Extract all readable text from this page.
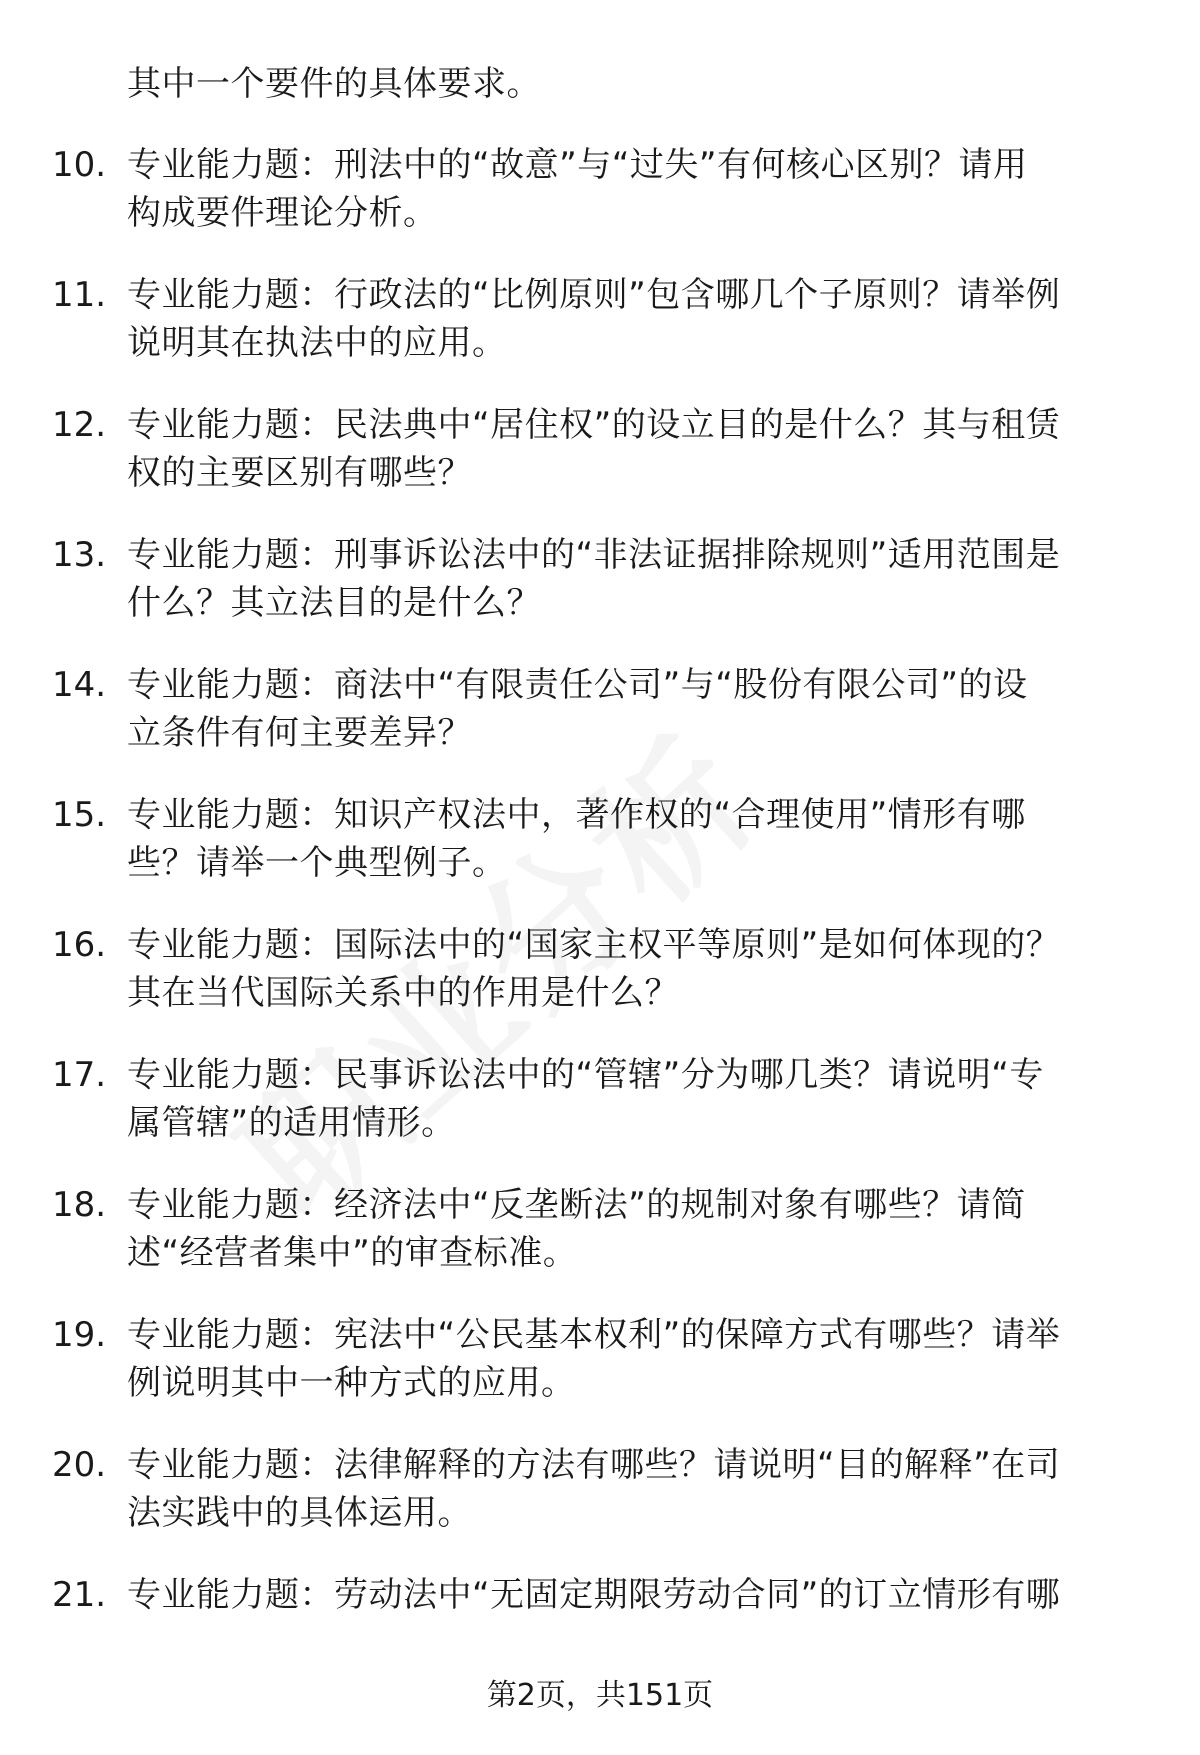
其中一个要件的具体要求。
10. 专业能力题：刑法中的“故意”与“过失”有何核心区别？请用
构成要件理论分析。
11. 专业能力题：行政法的“比例原则”包含哪几个子原则？请举例
说明其在执法中的应用。
12. 专业能力题：民法典中“居住权”的设立目的是什么？其与租赁
权的主要区别有哪些？
13. 专业能力题：刑事诉讼法中的“非法证据排除规则”适用范围是
什么？其立法目的是什么？
14. 专业能力题：商法中“有限责任公司”与“股份有限公司”的设
立条件有何主要差异？
15. 专业能力题：知识产权法中，著作权的“合理使用”情形有哪
些？请举一个典型例子。
16. 专业能力题：国际法中的“国家主权平等原则”是如何体现的？
其在当代国际关系中的作用是什么？
17. 专业能力题：民事诉讼法中的“管辖”分为哪几类？请说明“专
属管辖”的适用情形。
18. 专业能力题：经济法中“反垄断法”的规制对象有哪些？请简
述“经营者集中”的审查标准。
19. 专业能力题：宪法中“公民基本权利”的保障方式有哪些？请举
例说明其中一种方式的应用。
20. 专业能力题：法律解释的方法有哪些？请说明“目的解释”在司
法实践中的具体运用。
21. 专业能力题：劳动法中“无固定期限劳动合同”的订立情形有哪
第2页，共151页
